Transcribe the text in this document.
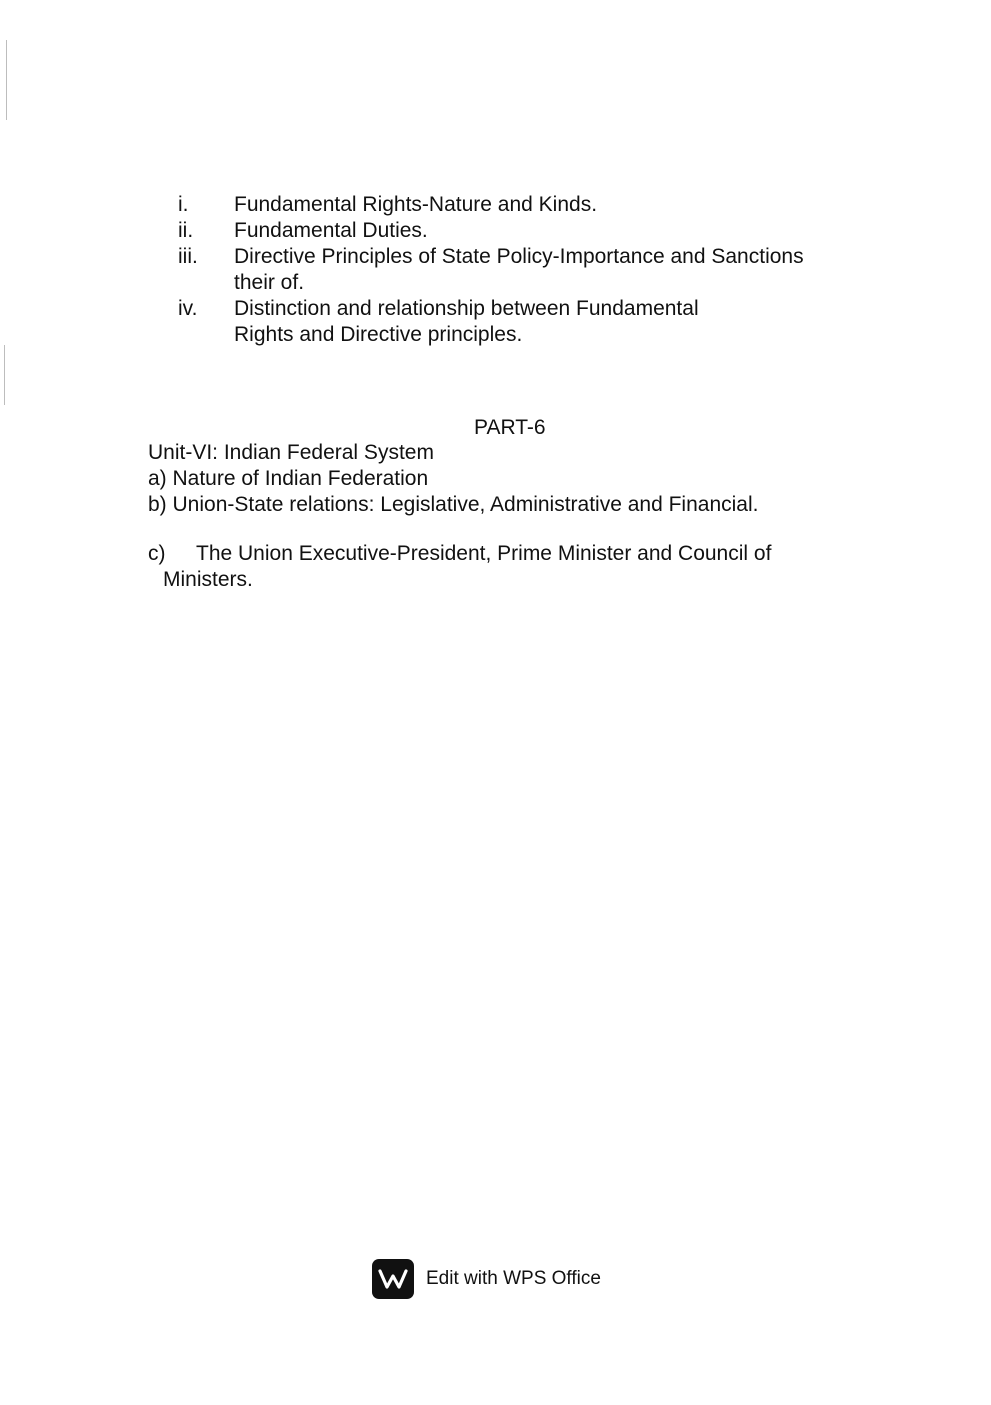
i.	Fundamental Rights-Nature and Kinds.
ii.	Fundamental Duties.
iii.	Directive Principles of State Policy-Importance and Sanctions
their of.
iv.	Distinction and relationship between Fundamental
Rights and Directive principles.
PART-6
Unit-VI: Indian Federal System
a) Nature of Indian Federation
b) Union-State relations: Legislative, Administrative and Financial.
c) The Union Executive-President, Prime Minister and Council of
Ministers.
Edit with WPS Office
